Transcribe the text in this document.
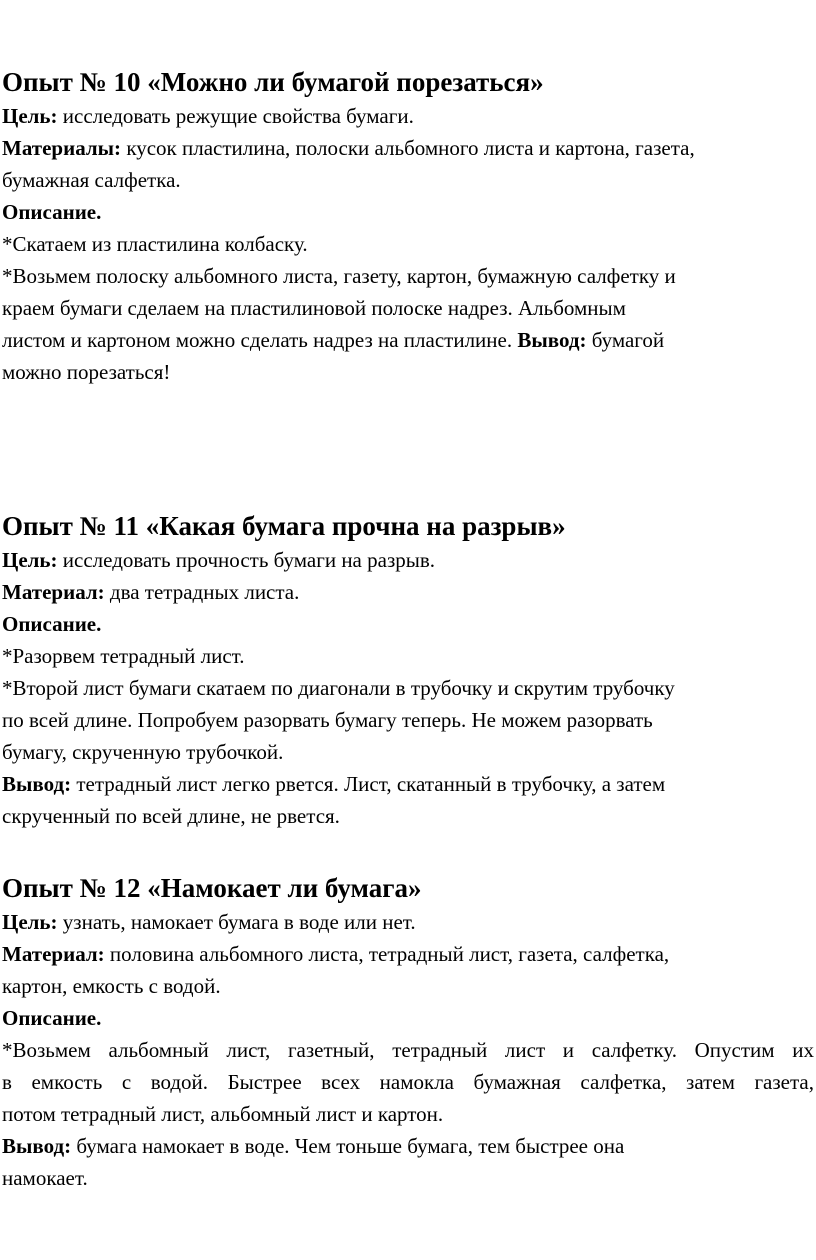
Опыт № 10 «Можно ли бумагой порезаться»
Цель: исследовать режущие свойства бумаги.
Материалы: кусок пластилина, полоски альбомного листа и картона, газета,
бумажная салфетка.
Описание.
*Скатаем из пластилина колбаску.
*Возьмем полоску альбомного листа, газету, картон, бумажную салфетку и
краем бумаги сделаем на пластилиновой полоске надрез. Альбомным
листом и картоном можно сделать надрез на пластилине. Вывод: бумагой
можно порезаться!
Опыт № 11 «Какая бумага прочна на разрыв»
Цель: исследовать прочность бумаги на разрыв.
Материал: два тетрадных листа.
Описание.
*Разорвем тетрадный лист.
*Второй лист бумаги скатаем по диагонали в трубочку и скрутим трубочку
по всей длине. Попробуем разорвать бумагу теперь. Не можем разорвать
бумагу, скрученную трубочкой.
Вывод: тетрадный лист легко рвется. Лист, скатанный в трубочку, а затем
скрученный по всей длине, не рвется.
Опыт № 12 «Намокает ли бумага»
Цель: узнать, намокает бумага в воде или нет.
Материал: половина альбомного листа, тетрадный лист, газета, салфетка,
картон, емкость с водой.
Описание.
*Возьмем альбомный лист, газетный, тетрадный лист и салфетку. Опустим их
в емкость с водой. Быстрее всех намокла бумажная салфетка, затем газета,
потом тетрадный лист, альбомный лист и картон.
Вывод: бумага намокает в воде. Чем тоньше бумага, тем быстрее она
намокает.
